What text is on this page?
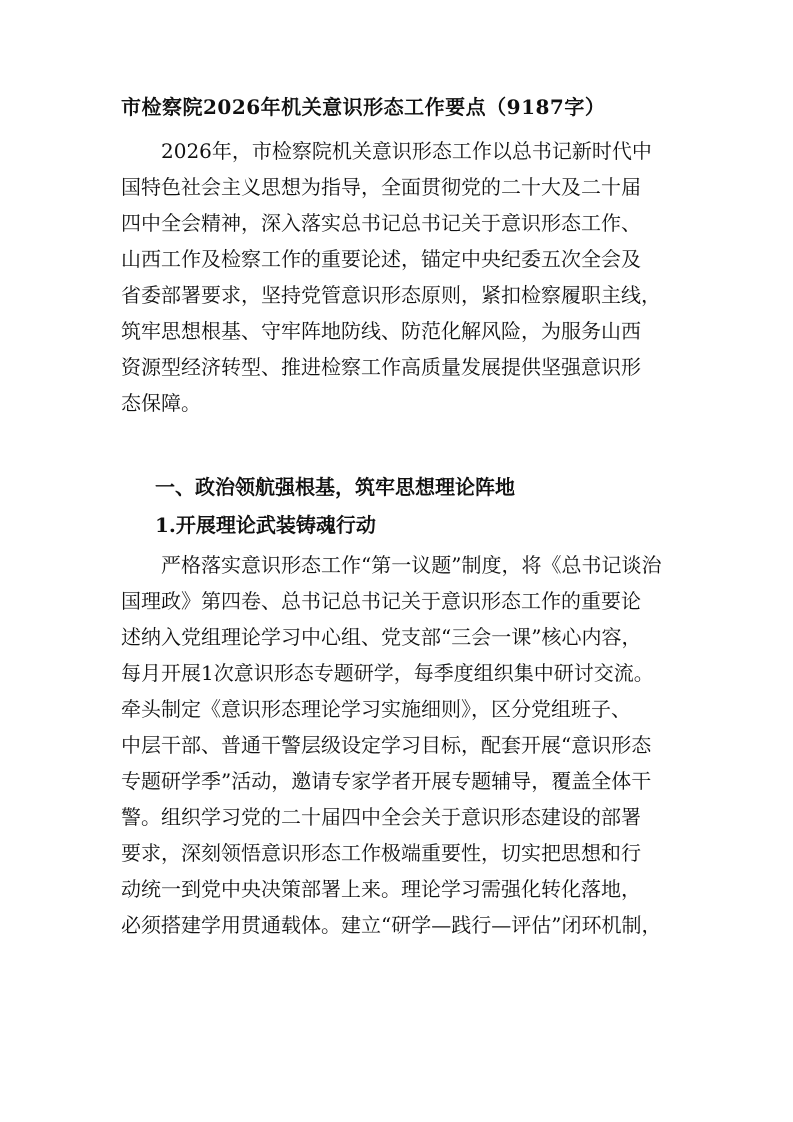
市检察院2026年机关意识形态工作要点（9187字）
　　2026年，市检察院机关意识形态工作以总书记新时代中
国特色社会主义思想为指导，全面贯彻党的二十大及二十届
四中全会精神，深入落实总书记总书记关于意识形态工作、
山西工作及检察工作的重要论述，锚定中央纪委五次全会及
省委部署要求，坚持党管意识形态原则，紧扣检察履职主线，
筑牢思想根基、守牢阵地防线、防范化解风险，为服务山西
资源型经济转型、推进检察工作高质量发展提供坚强意识形
态保障。
一、政治领航强根基，筑牢思想理论阵地
1.开展理论武装铸魂行动
　　严格落实意识形态工作“第一议题”制度，将《总书记谈治
国理政》第四卷、总书记总书记关于意识形态工作的重要论
述纳入党组理论学习中心组、党支部“三会一课”核心内容，
每月开展1次意识形态专题研学，每季度组织集中研讨交流。
牵头制定《意识形态理论学习实施细则》，区分党组班子、
中层干部、普通干警层级设定学习目标，配套开展“意识形态
专题研学季”活动，邀请专家学者开展专题辅导，覆盖全体干
警。组织学习党的二十届四中全会关于意识形态建设的部署
要求，深刻领悟意识形态工作极端重要性，切实把思想和行
动统一到党中央决策部署上来。理论学习需强化转化落地，
必须搭建学用贯通载体。建立“研学—践行—评估”闭环机制，
